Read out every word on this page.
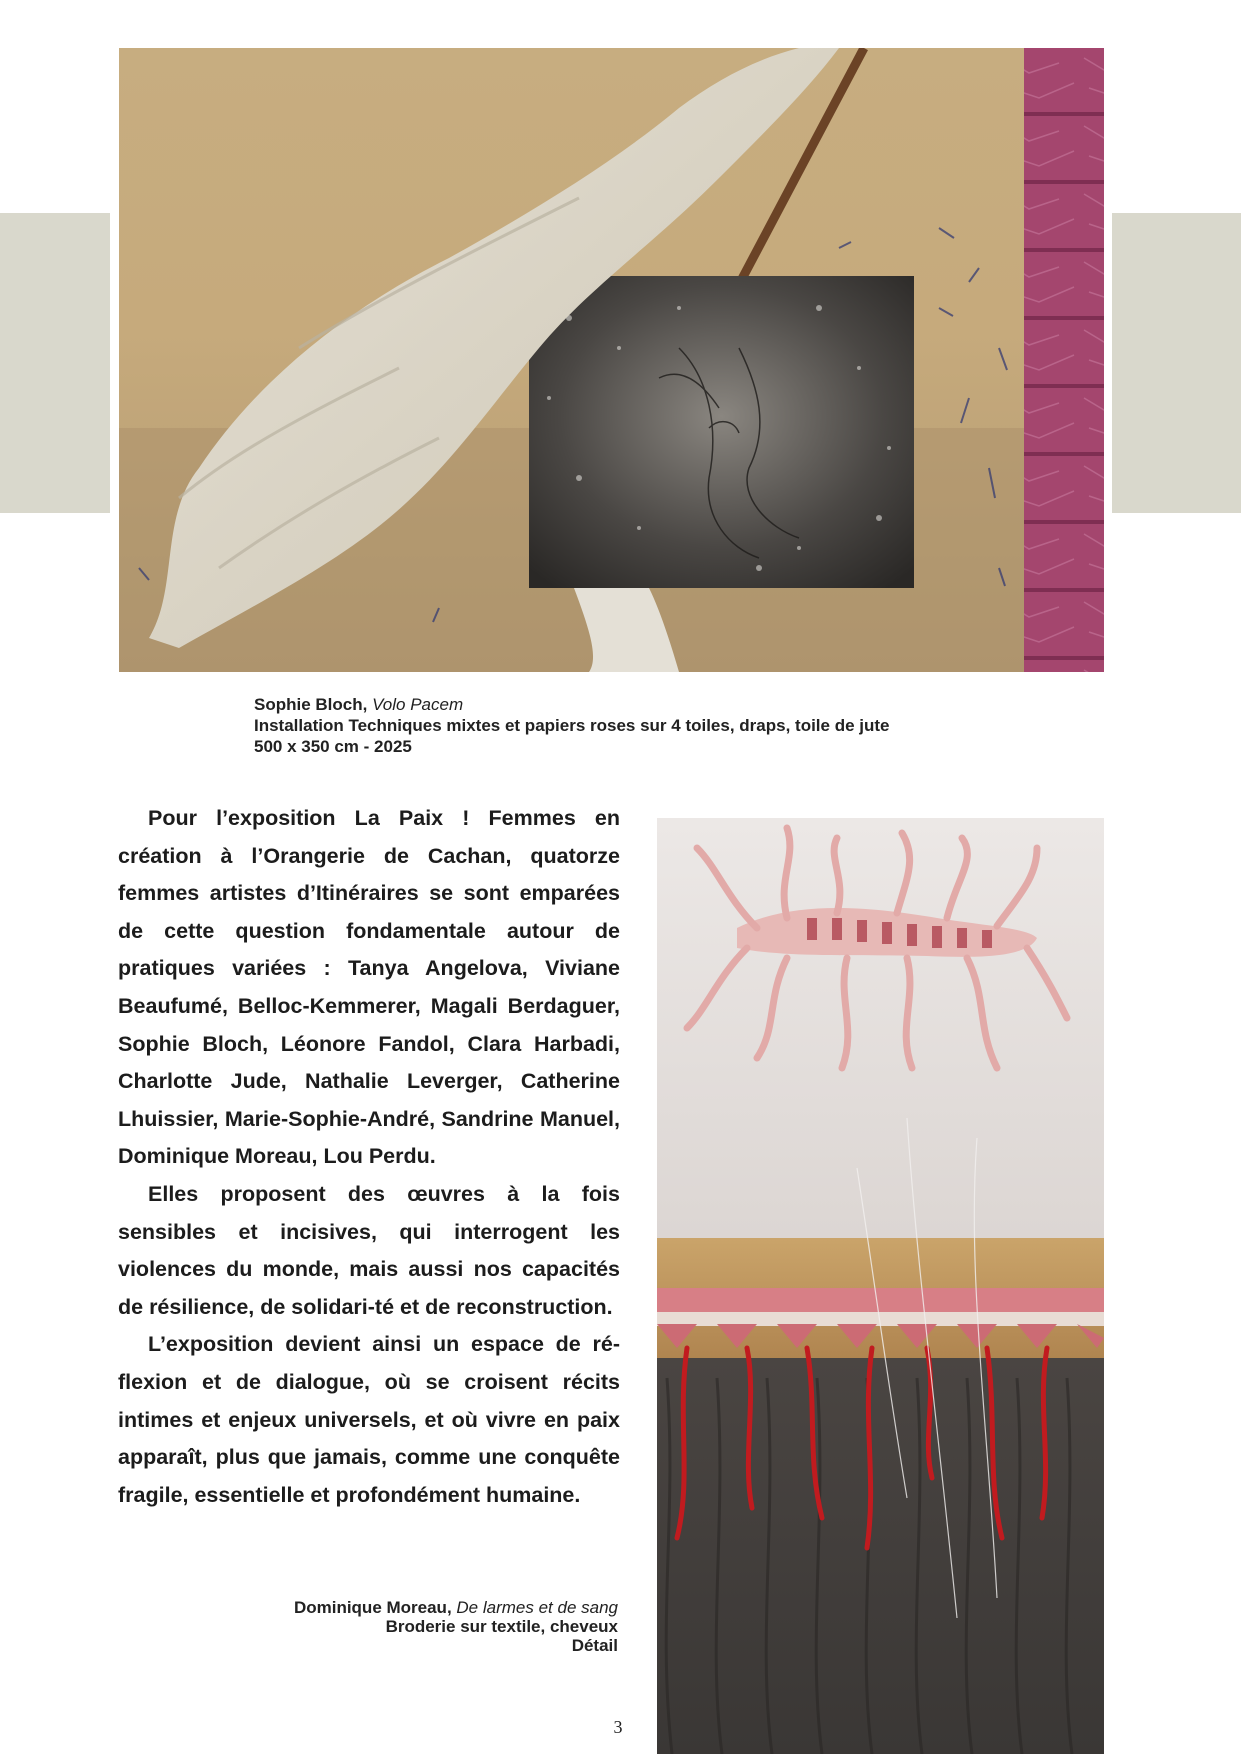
Sophie Bloch, Volo Pacem
Installation Techniques mixtes et papiers roses sur 4 toiles, draps, toile de jute
500 x 350 cm - 2025

Pour l’exposition La Paix ! Femmes en création à l’Orangerie de Cachan, quatorze femmes artistes d’Itinéraires se sont emparées de cette question fondamentale autour de pratiques variées : Tanya Angelova, Viviane Beaufumé, Belloc-Kemmerer, Magali Berdaguer, Sophie Bloch, Léonore Fandol, Clara Harbadi, Charlotte Jude, Nathalie Leverger, Catherine Lhuissier, Marie-Sophie-André, Sandrine Manuel, Dominique Moreau, Lou Perdu.

Elles proposent des œuvres à la fois sensibles et incisives, qui interrogent les violences du monde, mais aussi nos capacités de résilience, de solidari-té et de reconstruction.

L’exposition devient ainsi un espace de ré-flexion et de dialogue, où se croisent récits intimes et enjeux universels, et où vivre en paix apparaît, plus que jamais, comme une conquête fragile, essentielle et profondément humaine.

Dominique Moreau, De larmes et de sang
Broderie sur textile, cheveux
Détail
3
